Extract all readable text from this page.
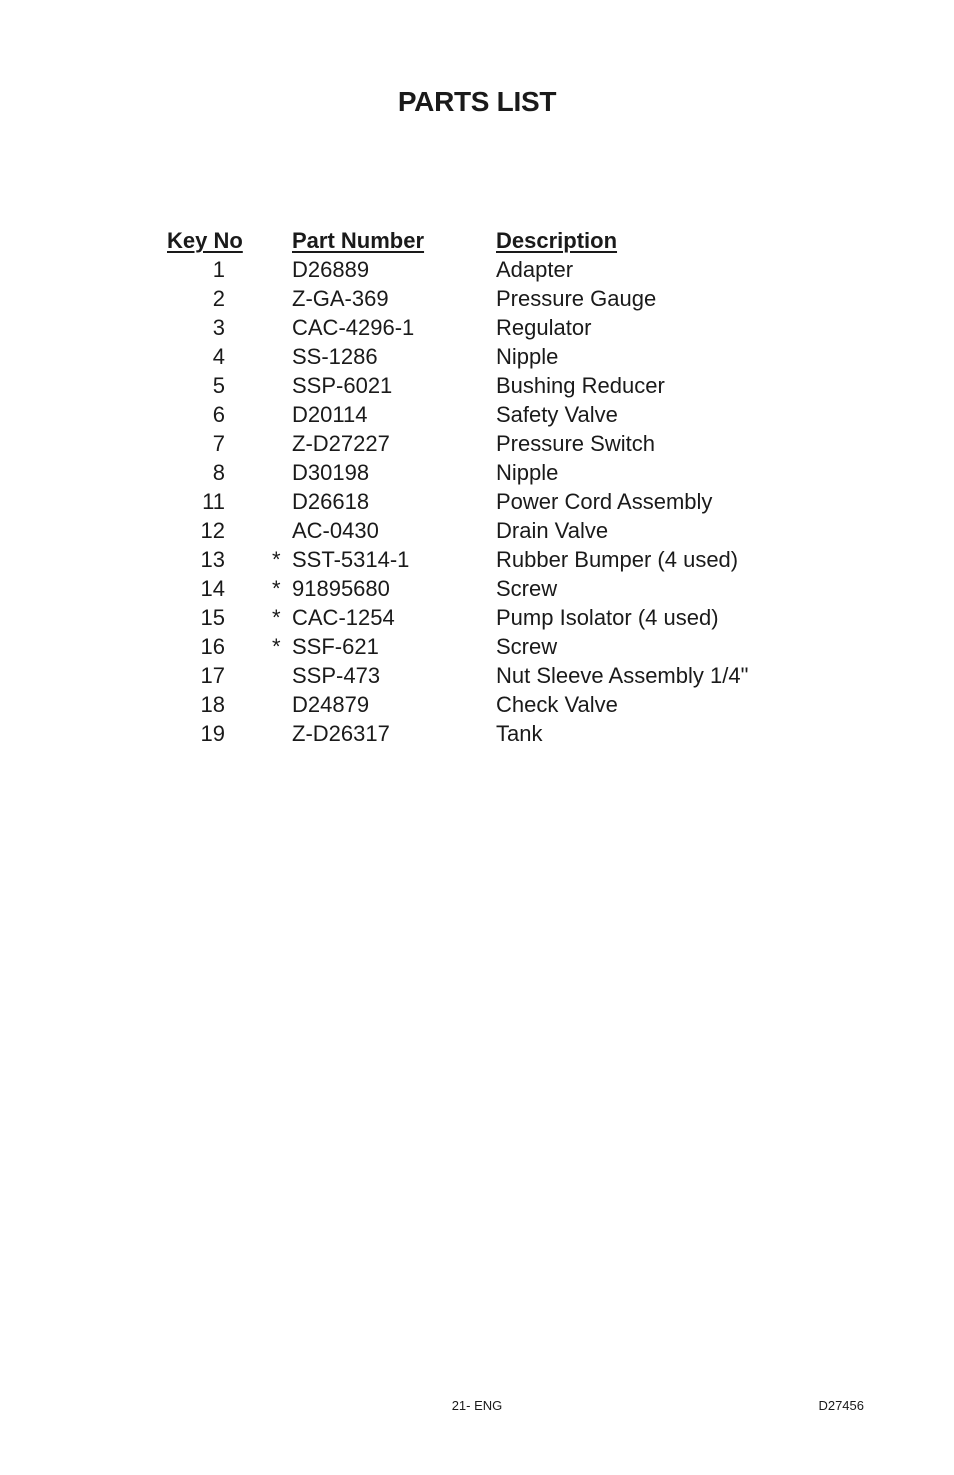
PARTS LIST
Key No Part Number	Description
1	D26889	Adapter
2	Z-GA-369	Pressure Gauge
3	CAC-4296-1	Regulator
4	SS-1286	Nipple
5	SSP-6021	Bushing Reducer
6	D20114	Safety Valve
7	Z-D27227	Pressure Switch
8	D30198	Nipple
11	D26618	Power Cord Assembly
12	AC-0430	Drain Valve
13 * SST-5314-1	Rubber Bumper (4 used)
14 * 91895680	Screw
15 * CAC-1254	Pump Isolator (4 used)
16 * SSF-621	Screw
17	SSP-473	Nut Sleeve Assembly 1/4"
18	D24879	Check Valve
19	Z-D26317	Tank
21- ENG	D27456
